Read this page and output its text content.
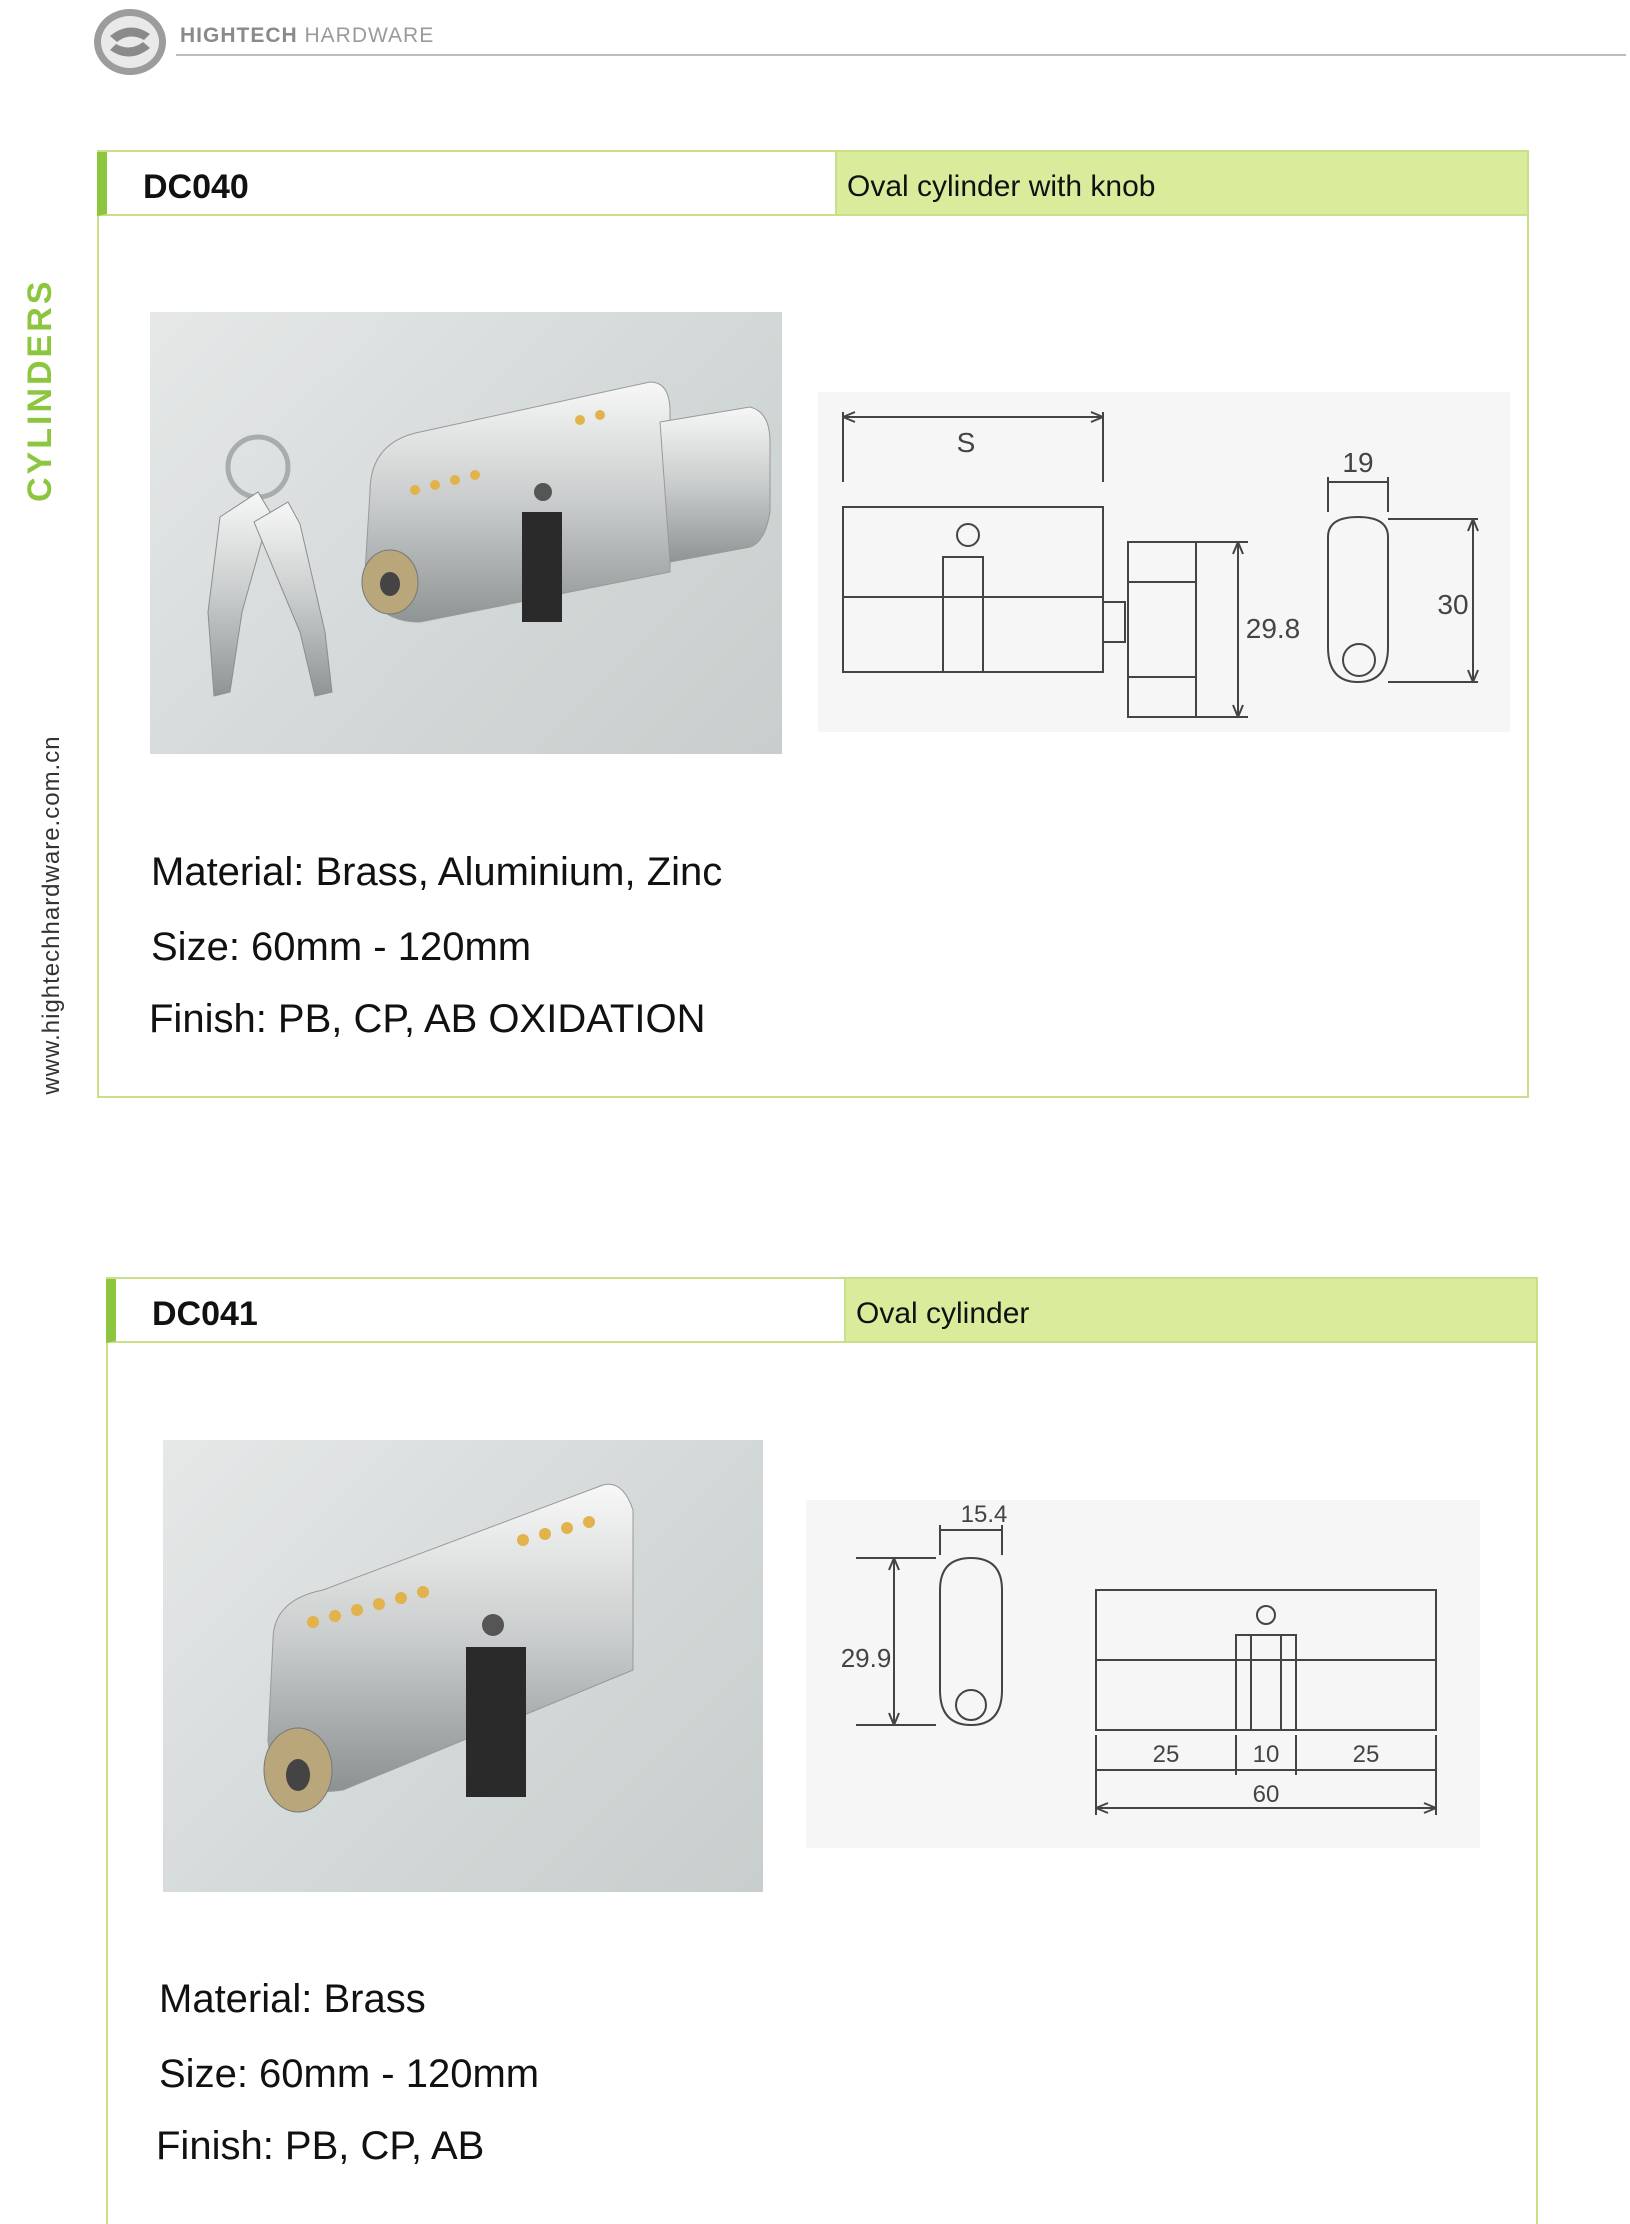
HIGHTECH HARDWARE
CYLINDERS
www.hightechhardware.com.cn
DC040	Oval cylinder with knob
S
19
29.8
30
Material: Brass, Aluminium, Zinc
Size: 60mm - 120mm
Finish: PB, CP, AB OXIDATION
DC041	Oval cylinder
15.4
29.9
25	10	25
60
Material: Brass
Size: 60mm - 120mm
Finish: PB, CP, AB
